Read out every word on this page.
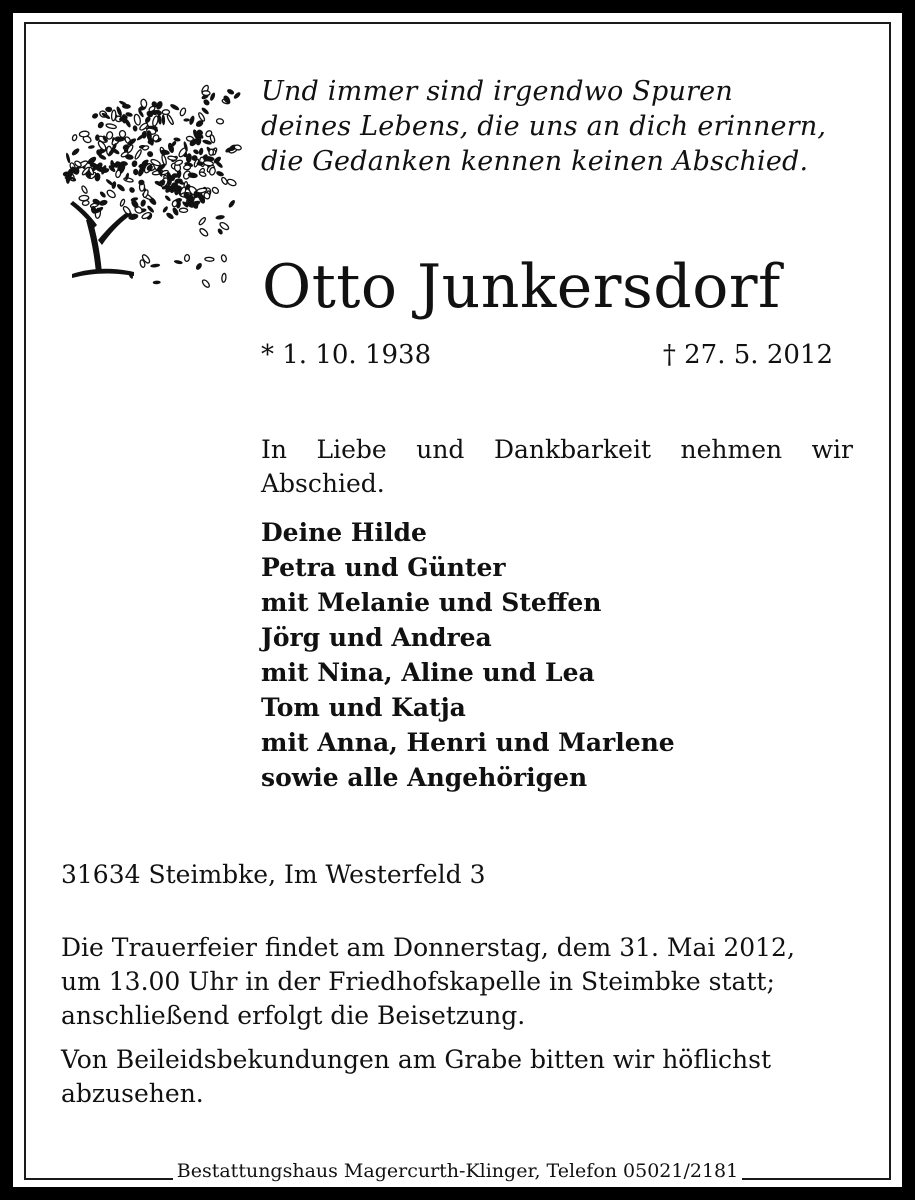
Und immer sind irgendwo Spuren
deines Lebens, die uns an dich erinnern,
die Gedanken kennen keinen Abschied.
Otto Junkersdorf
* 1. 10. 1938	† 27. 5. 2012
In Liebe und Dankbarkeit nehmen wir Abschied.
Deine Hilde
Petra und Günter
mit Melanie und Steffen
Jörg und Andrea
mit Nina, Aline und Lea
Tom und Katja
mit Anna, Henri und Marlene
sowie alle Angehörigen
31634 Steimbke, Im Westerfeld 3
Die Trauerfeier findet am Donnerstag, dem 31. Mai 2012,
um 13.00 Uhr in der Friedhofskapelle in Steimbke statt;
anschließend erfolgt die Beisetzung.
Von Beileidsbekundungen am Grabe bitten wir höflichst
abzusehen.
Bestattungshaus Magercurth-Klinger, Telefon 05021/2181
